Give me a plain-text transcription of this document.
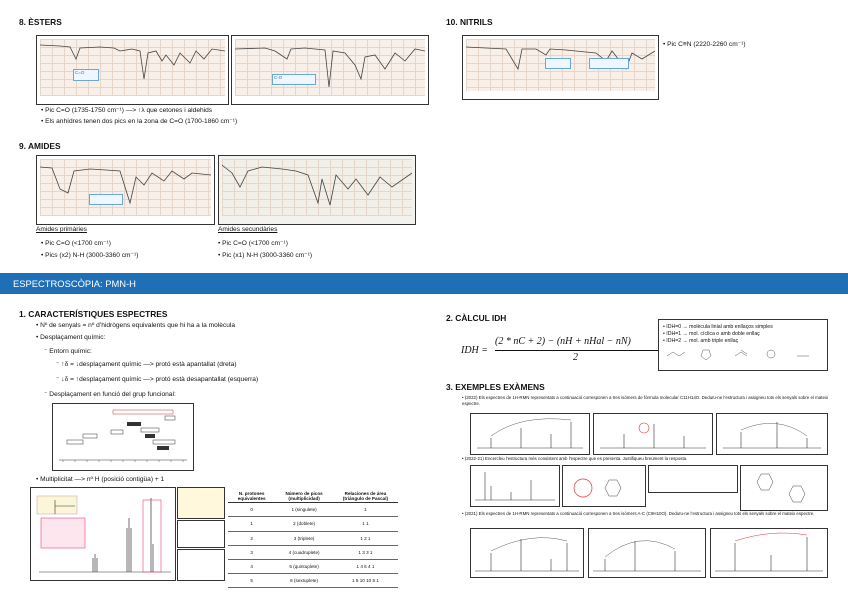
8. ÈSTERS
C=O
C-O
• Pic C=O (1735-1750 cm⁻¹) —> ↑λ que cetones i aldehids
• Els anhídres tenen dos pics en la zona de C=O (1700-1860 cm⁻¹)
10. NITRILS
• Pic C≡N (2220-2260 cm⁻¹)
9. AMIDES
Amides primàries
• Pic C=O (<1700 cm⁻¹)
• Pics (x2) N-H (3000-3360 cm⁻¹)
Amides secundàries
• Pic C=O (<1700 cm⁻¹)
• Pic (x1) N-H (3000-3360 cm⁻¹)
ESPECTROSCÒPIA: PMN-H
1. CARACTERÍSTIQUES ESPECTRES
• Nº de senyals = nº d’hidrògens equivalents que hi ha a la molècula
• Desplaçament químic:
⁻ Entorn químic:
⁻ ↑δ = ↓desplaçament químic —> protó està apantallat (dreta)
⁻ ↓δ = ↑desplaçament químic —> protó està desapantallat (esquerra)
⁻ Desplaçament en funció del grup funcional:
• Multiplicitat —> nº H (posició contigüa) + 1
N. protones equivalentes	Número de picos (multiplicidad)	Relaciones de área (triángulo de Pascal)
0	1 (singulete)	1
1	2 (doblete)	1 1
2	3 (triplete)	1 2 1
3	4 (cuadruplete)	1 3 3 1
4	5 (quintuplete)	1 4 6 4 1
5	6 (sextuplete)	1 5 10 10 5 1
2. CÀLCUL IDH
IDH =
(2 * nC + 2) − (nH + nHal − nN)
2
• IDH=0 → molècula linial amb enllaços simples
• IDH=1 → mol. cíclica o amb doble enllaç
• IDH=2 → mol. amb triple enllaç
3. EXEMPLES EXÀMENS
• (2022) Els espectres de 1H-RMN representats a continuació corresponen a tres isòmers de fórmula molecular C11H14O. Deduïu-ne l’estructura i assigneu tots els senyals sobre el mateix espectre.
• (2022-21) Encercleu l’estructura més consistent amb l’espectre que es presenta. Justifiqueu breument la resposta.
• (2021) Els espectres de 1H-RMN representats a continuació corresponen a tres isòmers A-C (C9H10O). Deduïu-ne l’estructura i assigneu tots els senyals sobre el mateix espectre.
